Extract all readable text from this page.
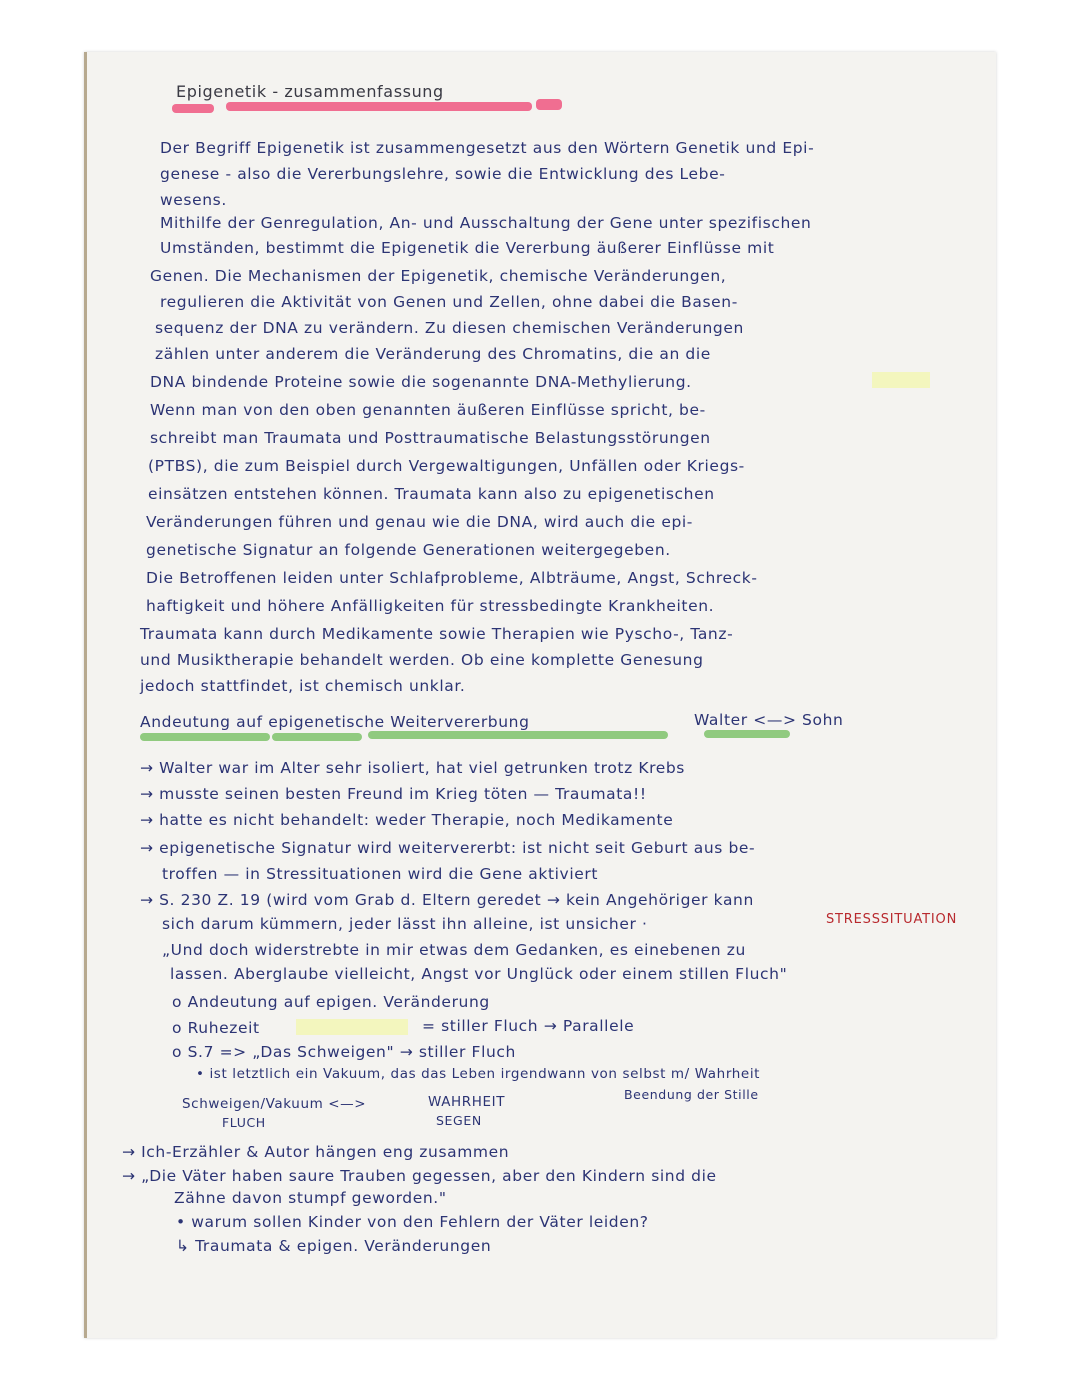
Epigenetik - zusammenfassung
Der Begriff Epigenetik ist zusammengesetzt aus den Wörtern Genetik und Epi-
genese - also die Vererbungslehre, sowie die Entwicklung des Lebe-
wesens.
Mithilfe der Genregulation, An- und Ausschaltung der Gene unter spezifischen
Umständen, bestimmt die Epigenetik die Vererbung äußerer Einflüsse mit
Genen. Die Mechanismen der Epigenetik, chemische Veränderungen,
regulieren die Aktivität von Genen und Zellen, ohne dabei die Basen-
sequenz der DNA zu verändern. Zu diesen chemischen Veränderungen
zählen unter anderem die Veränderung des Chromatins, die an die
DNA bindende Proteine sowie die sogenannte DNA-Methylierung.
Wenn man von den oben genannten äußeren Einflüsse spricht, be-
schreibt man Traumata und Posttraumatische Belastungsstörungen
(PTBS), die zum Beispiel durch Vergewaltigungen, Unfällen oder Kriegs-
einsätzen entstehen können. Traumata kann also zu epigenetischen
Veränderungen führen und genau wie die DNA, wird auch die epi-
genetische Signatur an folgende Generationen weitergegeben.
Die Betroffenen leiden unter Schlafprobleme, Albträume, Angst, Schreck-
haftigkeit und höhere Anfälligkeiten für stressbedingte Krankheiten.
Traumata kann durch Medikamente sowie Therapien wie Pyscho-, Tanz-
und Musiktherapie behandelt werden. Ob eine komplette Genesung
jedoch stattfindet, ist chemisch unklar.
Andeutung auf epigenetische Weitervererbung	Walter <—> Sohn
→ Walter war im Alter sehr isoliert, hat viel getrunken trotz Krebs
→ musste seinen besten Freund im Krieg töten — Traumata!!
→ hatte es nicht behandelt: weder Therapie, noch Medikamente
→ epigenetische Signatur wird weitervererbt: ist nicht seit Geburt aus be-
troffen — in Stressituationen wird die Gene aktiviert
→ S. 230 Z. 19 (wird vom Grab d. Eltern geredet → kein Angehöriger kann
sich darum kümmern, jeder lässt ihn alleine, ist unsicher ·	STRESSSITUATION
„Und doch widerstrebte in mir etwas dem Gedanken, es einebenen zu
lassen. Aberglaube vielleicht, Angst vor Unglück oder einem stillen Fluch"
o Andeutung auf epigen. Veränderung
o Ruhezeit	= stiller Fluch → Parallele
o S.7 => „Das Schweigen" → stiller Fluch
• ist letztlich ein Vakuum, das das Leben irgendwann von selbst m/ Wahrheit
Schweigen/Vakuum <—>
FLUCH
WAHRHEIT
SEGEN
Beendung der Stille
→ Ich-Erzähler & Autor hängen eng zusammen
→ „Die Väter haben saure Trauben gegessen, aber den Kindern sind die
Zähne davon stumpf geworden."
• warum sollen Kinder von den Fehlern der Väter leiden?
↳ Traumata & epigen. Veränderungen
